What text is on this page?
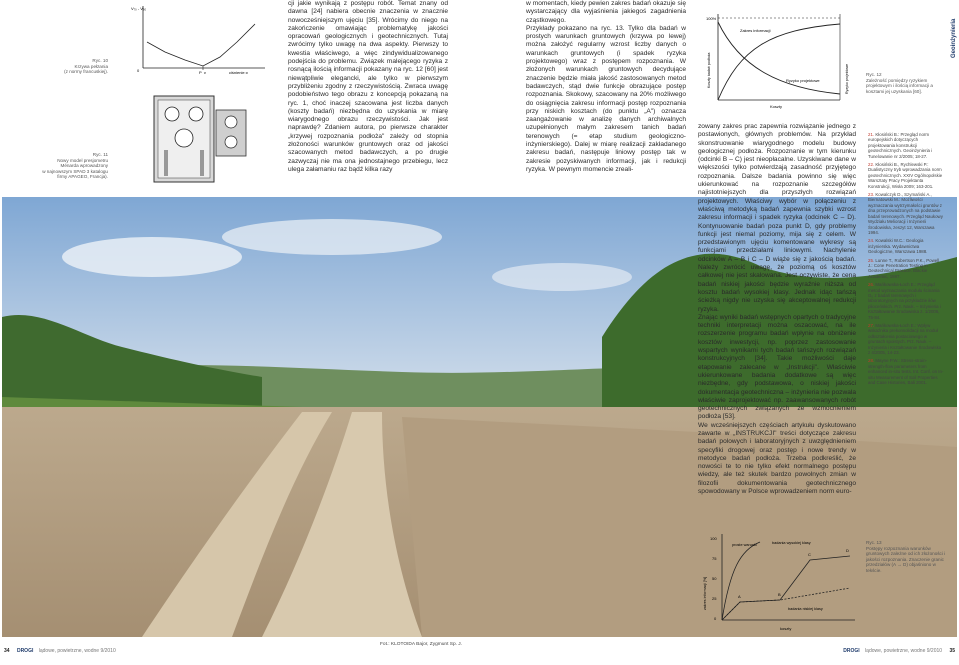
Ryc. 10
Krzywa pełzania
(z normy francuskiej).
Ryc. 11
Nowy model presjometru
Ménarda wprowadzony
w najnowszym SPAD 3 katalogu
firmy APAGEO, Francja).
V₇₀ - V₃₀
P_y	ciśnienie p
0
cji jakie wynikają z postępu robót. Temat znany od dawna [24] nabiera obecnie znaczenia w znacznie nowocześniejszym ujęciu [35]. Wrócimy do niego na zakończenie omawiając problematykę jakości opracowań geologicznych i geotechnicznych. Tutaj zwrócimy tylko uwagę na dwa aspekty. Pierwszy to kwestia właściwego, a więc zindywidualizowanego podejścia do problemu. Związek malejącego ryzyka z rosnącą ilością informacji pokazany na ryc. 12 [60] jest niewątpliwie elegancki, ale tylko w pierwszym przybliżeniu zgodny z rzeczywistością. Zwraca uwagę podobieństwo tego obrazu z koncepcją pokazaną na ryc. 1, choć inaczej szacowana jest liczba danych (koszty badań) niezbędna do uzyskania w miarę wiarygodnego obrazu rzeczywistości. Jak jest naprawdę? Zdaniem autora, po pierwsze charakter „krzywej rozpoznania podłoża" zależy od stopnia złożoności warunków gruntowych oraz od jakości szacowanych metod badawczych, a po drugie zazwyczaj nie ma ona jednostajnego przebiegu, lecz ulega załamaniu raz bądź kilka razy
w momentach, kiedy pewien zakres badań okazuje się wystarczający dla wyjaśnienia jakiegoś zagadnienia cząstkowego.
Przykłady pokazano na ryc. 13. Tylko dla badań w prostych warunkach gruntowych (krzywa po lewej) można założyć regularny wzrost liczby danych o warunkach gruntowych (i spadek ryzyka projektowego) wraz z postępem rozpoznania. W złożonych warunkach gruntowych decydujące znaczenie będzie miała jakość zastosowanych metod badawczych, stąd dwie funkcje obrazujące postęp rozpoznania. Skokowy, szacowany na 20% możliwego do osiągnięcia zakresu informacji postęp rozpoznania przy niskich kosztach (do punktu „A") oznacza zaangażowanie w analizę danych archiwalnych uzupełnionych małym zakresem tanich badań terenowych (= etap studium geologiczno-inżynierskiego). Dalej w miarę realizacji zakładanego zakresu badań, następuje liniowy postęp tak w zakresie pozyskiwanych informacji, jak i redukcji ryzyka. W pewnym momencie zreali-
100%
Zakres informacji
Ryzyko projektowe
Koszty
Koszty badań podłoża	Ryzyko projektowe	Ryc. 12
Zależność pomiędzy ryzykiem projektowym i ilością informacji a kosztami jej uzyskania [60].
Geoinżynieria
zowany zakres prac zapewnia rozwiązanie jednego z postawionych, głównych problemów. Na przykład skonstruowanie wiarygodnego modelu budowy geologicznej podłoża. Rozpoznanie w tym kierunku (odcinki B – C) jest nieopłacalne. Uzyskiwane dane w większości tylko potwierdzają zasadność przyjętego rozpoznania. Dalsze badania powinno się więc ukierunkować na rozpoznanie szczegółów najistotniejszych dla przyszłych rozwiązań projektowych. Właściwy wybór w połączeniu z właściwą metodyką badań zapewnia szybki wzrost zakresu informacji i spadek ryzyka (odcinek C – D). Kontynuowanie badań poza punkt D, gdy problemy funkcji jest niemal poziomy, mija się z celem. W przedstawionym ujęciu komentowane wykresy są funkcjami przedziałami liniowymi. Nachylenie odcinków A – B i C – D wiąże się z jakością badań. Należy zwrócić uwagę, że poziomą oś kosztów całkowej nie jest skalowana. Jest oczywiste, że cena badań niskiej jakości będzie wyraźnie niższa od kosztu badań wysokiej klasy. Jednak idąc tańszą ścieżką nigdy nie uzyska się akceptowalnej redukcji ryzyka.
Znając wyniki badań wstępnych opartych o tradycyjne techniki interpretacji można oszacować, na ile rozszerzenie programu badań wpłynie na obniżenie kosztów inwestycji, np. poprzez zastosowanie wspartych wynikami tych badań tańszych rozwiązań konstrukcyjnych [34]. Takie możliwości daje etapowanie zalecane w „Instrukcji". Właściwie ukierunkowane badania dodatkowe są więc niezbędne, gdy podstawowa, o niskiej jakości dokumentacja geotechniczna – inżynieria nie pozwala właściwie zaprojektować np. zaawansowanych robót geotechnicznych związanych ze wzmocnieniem podłoża [53].
We wcześniejszych częściach artykułu dyskutowano zawarte w „INSTRUKCJI" treści dotyczące zakresu badań polowych i laboratoryjnych z uwzględnieniem specyfiki drogowej oraz postęp i nowe trendy w metodyce badań podłoża. Trzeba podkreślić, że nowości te to nie tylko efekt normalnego postępu wiedzy, ale też skutek bardzo powolnych zmian w filozofii dokumentowania geotechnicznego spowodowany w Polsce wprowadzeniem norm euro-

21. Kłosiński B.: Przegląd norm europejskich dotyczących projektowania konstrukcji geotechnicznych. Geoinżynieria i Tunelowanie nr 2/2005; 18-27.

22. Kłosiński B., Rychlewski P.: Dualistyczny tryb wprowadzania norm geotechnicznych. XXIV Ogólnopolskie Warsztaty Pracy Projektanta Konstrukcji, Wisła 2009; 163-201.

23. Kowalczyk D., Szymański A., Biernatowski M.: Możliwości wyznaczania wytrzymałości gruntów z dna przeprowadzonych na podstawie badań terenowych. Przegląd Naukowy Wydziału Melioracji i Inżynierii Środowiska, zeszyt 12, Warszawa 1994.

24. Kowalski W.C.: Geologia inżynierska. Wydawnictwa Geologiczne, Warszawa 1988.

25. Lunne T., Robertson P.K., Powell J.: Cone Penetration Testing in Geotechnical Practice. Blackie Academic, 1997.

26. Mańkowska-Łoch E.: Przegląd metod wyznaczania modułu ścinania G₀ z badań terenowych i laboratoryjnych na przykładzie iłów plioceńskich. Prz. Nauk. – Inżynieria i Kształtowanie Środowiska z. 1/2006, 75-84.

27. Mańkowska-Łoch E.: Wpływ wskaźnika prekonsolidacji na moduł odkształcenia postaciowego w gruntach spoistych. Prz. Nauk. – Inżynieria i Kształtowanie Środowiska z 4/2005, 14-23.

28. Mayne P.W.: Stress-strain-strength-flow parameters from enhanced in-situ tests. Int. Conf. on In-situ Measurement of Soil Properties and Case Histories, Bali 2001.

100
75
50
25
0
proste warunki	badania wysokiej klasy
badania niskiej klasy
A	B
C
D
koszty
zakres informacji [%]
Ryc. 13
Postępy rozpoznania warunków gruntowych zależne od ich złożoności i jakości rozpoznania. Znaczenie granic przedziałów (A → D) objaśniono w tekście.
Fot.: KLOTOIDA Bajor, Zygmunt Sp. J.
34 DROGI lądowe, powietrzne, wodne 9/2010	DROGI lądowe, powietrzne, wodne 9/2010 35
